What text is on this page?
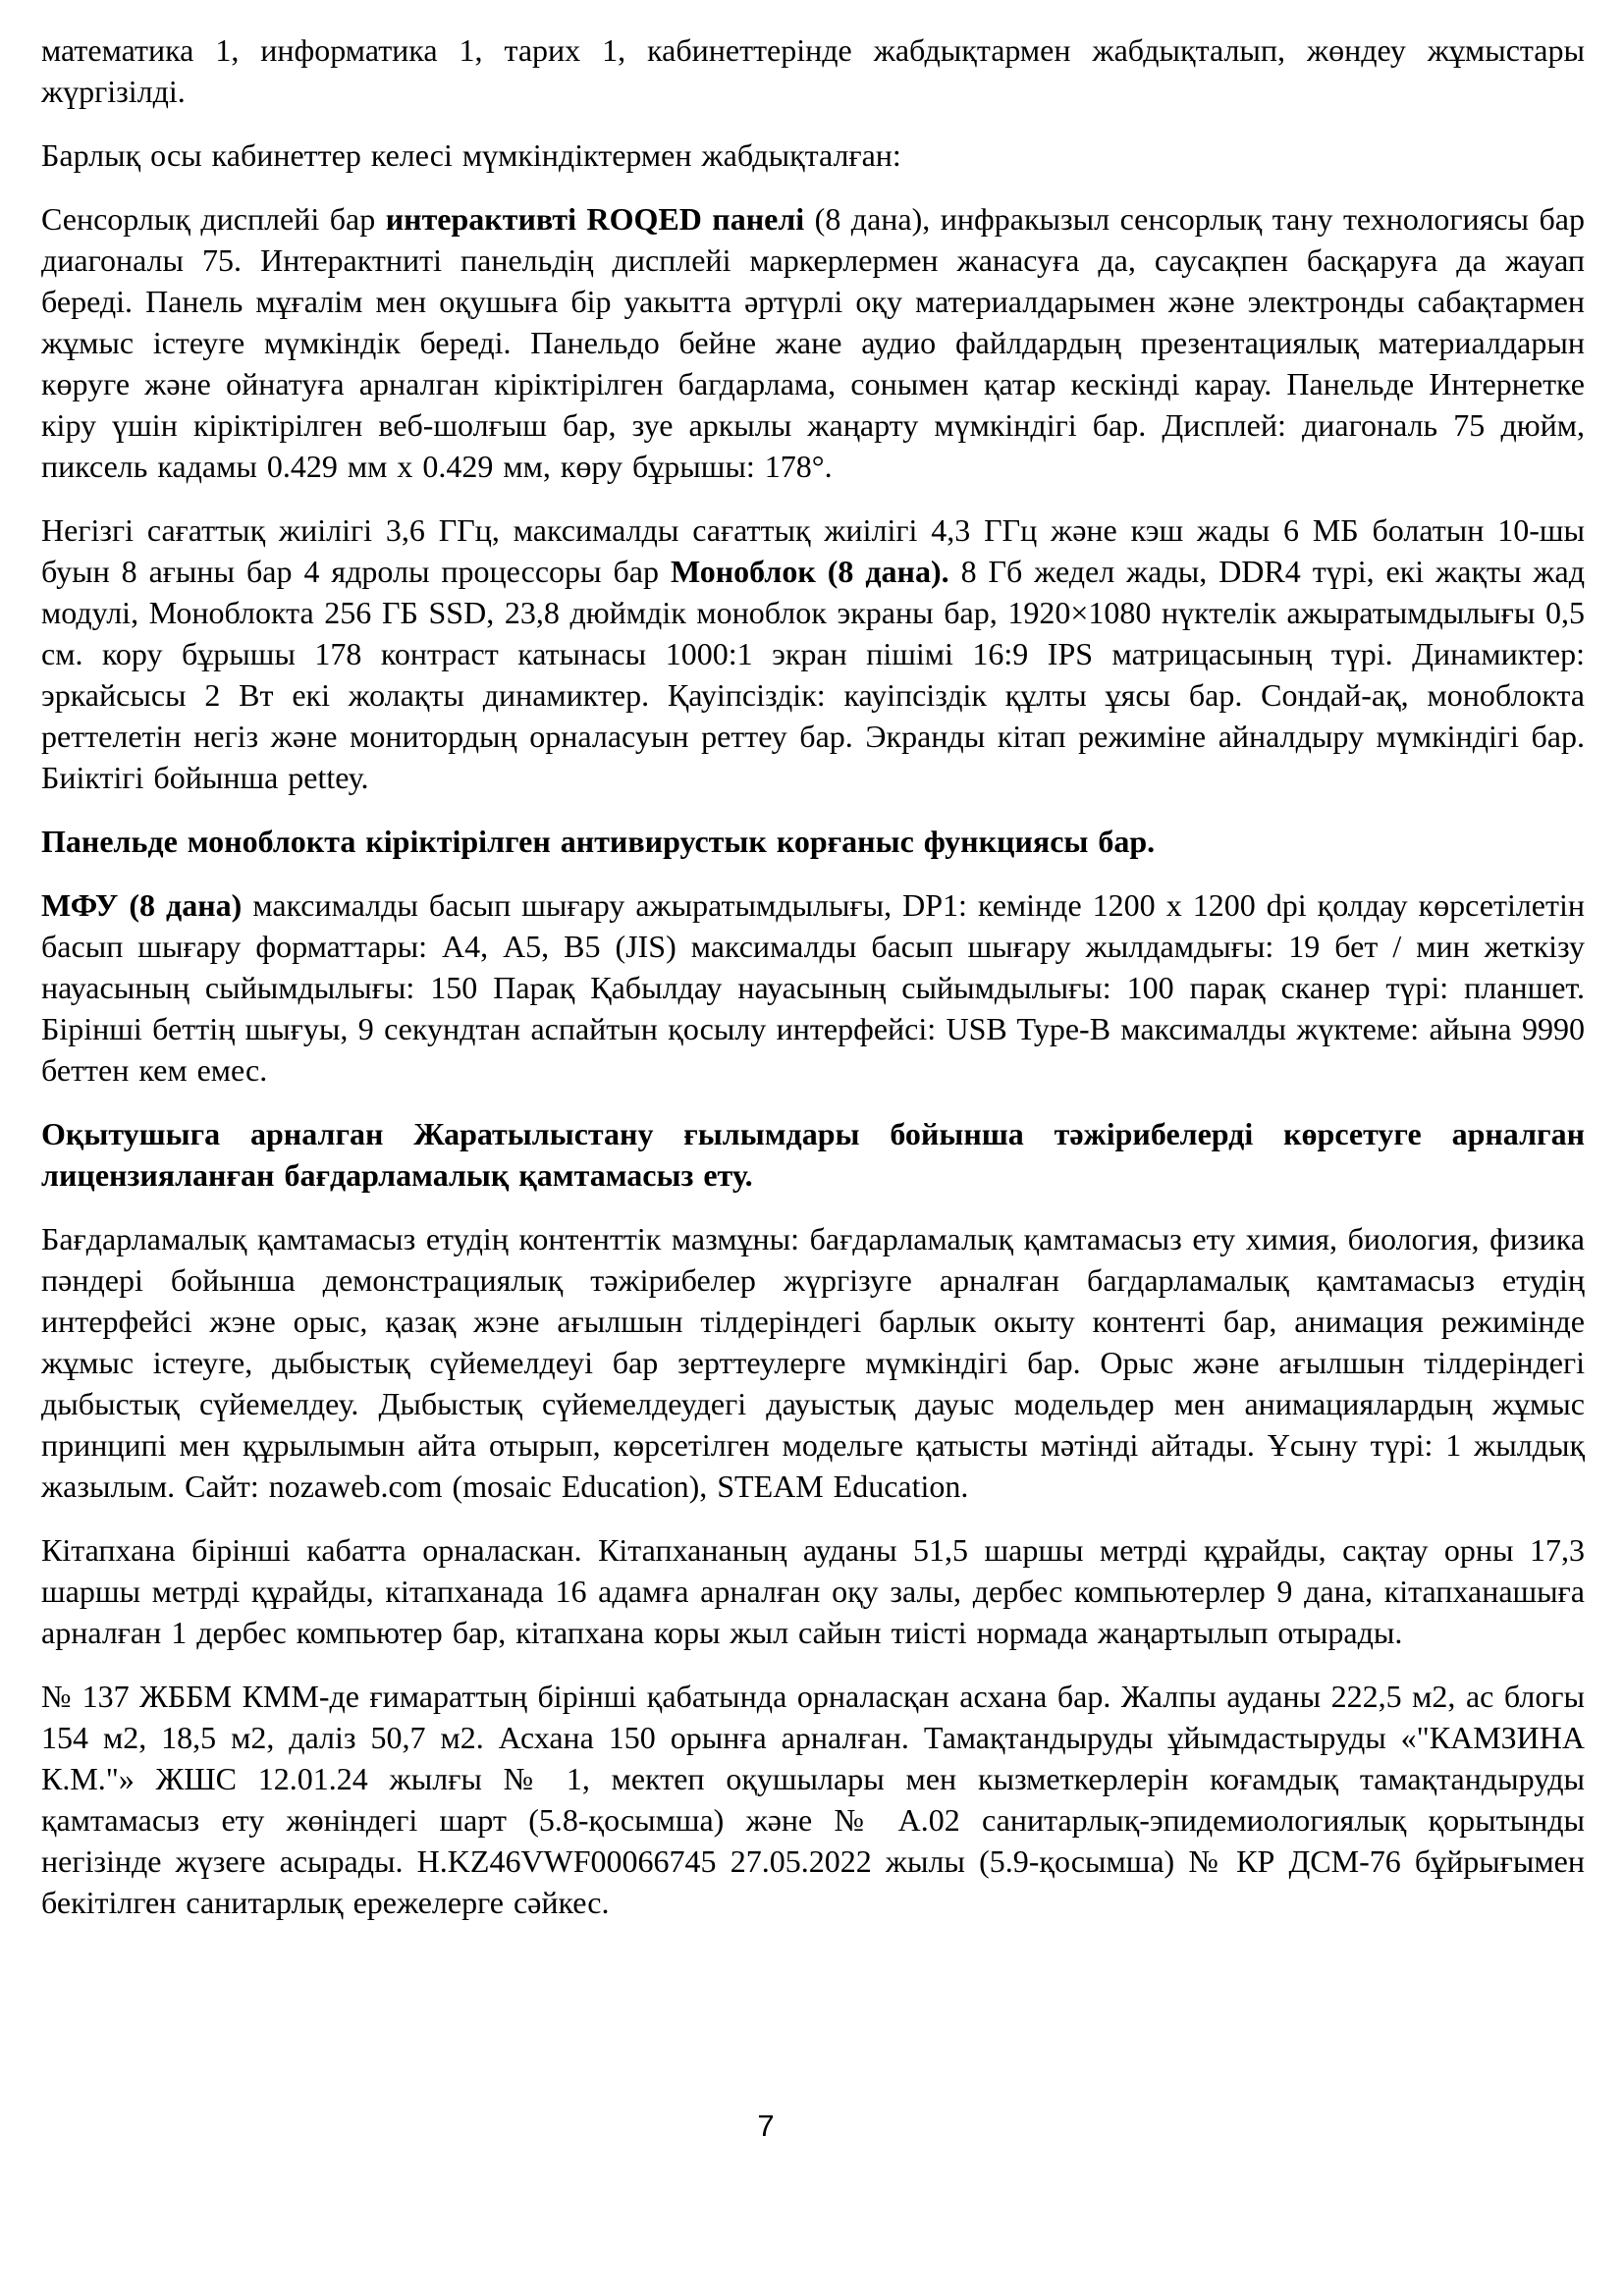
математика 1, информатика 1, тарих 1, кабинеттерінде жабдықтармен жабдықталып, жөндеу жұмыстары жүргізілді.

Барлық осы кабинеттер келесі мүмкіндіктермен жабдықталған:

Сенсорлық дисплейі бар интерактивті ROQED панелі (8 дана), инфракызыл сенсорлық тану технологиясы бар диагоналы 75. Интерактниті панельдің дисплейі маркерлермен жанасуға да, саусақпен басқаруға да жауап береді. Панель мұғалім мен оқушыға бір уакытта әртүрлі оқу материалдарымен және электронды сабақтармен жұмыс істеуге мүмкіндік береді. Панельдо бейне жане аудио файлдардың презентациялық материалдарын көруге және ойнатуға арналган кіріктірілген багдарлама, сонымен қатар кескінді карау. Панельде Интернетке кіру үшін кіріктірілген веб-шолғыш бар, зуе аркылы жаңарту мүмкіндігі бар. Дисплей: диагональ 75 дюйм, пиксель кадамы 0.429 мм х 0.429 мм, көру бұрышы: 178°.

Негізгі сағаттық жиілігі 3,6 ГГц, максималды сағаттық жиілігі 4,3 ГГц және кэш жады 6 МБ болатын 10-шы буын 8 ағыны бар 4 ядролы процессоры бар Моноблок (8 дана). 8 Гб жедел жады, DDR4 түрі, екі жақты жад модулі, Моноблокта 256 ГБ SSD, 23,8 дюймдік моноблок экраны бар, 1920×1080 нүктелік ажыратымдылығы 0,5 см. кору бұрышы 178 контраст катынасы 1000:1 экран пішімі 16:9 IPS матрицасының түрі. Динамиктер: эркайсысы 2 Вт екі жолақты динамиктер. Қауіпсіздік: кауіпсіздік құлты ұясы бар. Сондай-ақ, моноблокта реттелетін негіз және монитордың орналасуын реттеу бар. Экранды кітап режиміне айналдыру мүмкіндігі бар. Биіктігі бойынша реttеу.

Панельде моноблокта кіріктірілген антивирустык корғаныс функциясы бар.

МФУ (8 дана) максималды басып шығару ажыратымдылығы, DP1: кемінде 1200 x 1200 dpi қолдау көрсетілетін басып шығару форматтары: А4, А5, В5 (JIS) максималды басып шығару жылдамдығы: 19 бет / мин жеткізу науасының сыйымдылығы: 150 Парақ Қабылдау науасының сыйымдылығы: 100 парақ сканер түрі: планшет. Бірінші беттің шығуы, 9 секундтан аспайтын қосылу интерфейсі: USB Type-B максималды жүктеме: айына 9990 беттен кем емес.

Оқытушыга арналган Жаратылыстану ғылымдары бойынша тәжірибелерді көрсетуге арналган лицензияланған бағдарламалық қамтамасыз ету.

Бағдарламалық қамтамасыз етудің контенттік мазмұны: бағдарламалық қамтамасыз ету химия, биология, физика пәндері бойынша демонстрациялық тәжірибелер жүргізуге арналған багдарламалық қамтамасыз етудің интерфейсі жэне орыс, қазақ жэне ағылшын тілдеріндегі барлык окыту контенті бар, анимация режимінде жұмыс істеуге, дыбыстық сүйемелдеуі бар зерттеулерге мүмкіндігі бар. Орыс және ағылшын тілдеріндегі дыбыстық сүйемелдеу. Дыбыстық сүйемелдеудегі дауыстық дауыс модельдер мен анимациялардың жұмыс принципі мен құрылымын айта отырып, көрсетілген модельге қатысты мәтінді айтады. Ұсыну түрі: 1 жылдық жазылым. Сайт: nozaweb.com (mosaic Education), STEAM Education.

Кітапхана бірінші кабатта орналаскан. Кітапхананың ауданы 51,5 шаршы метрді құрайды, сақтау орны 17,3 шаршы метрді құрайды, кітапханада 16 адамға арналған оқу залы, дербес компьютерлер 9 дана, кітапханашыға арналған 1 дербес компьютер бар, кітапхана коры жыл сайын тиісті нормада жаңартылып отырады.

№ 137 ЖББМ КММ-де ғимараттың бірінші қабатында орналасқан асхана бар. Жалпы ауданы 222,5 м2, ас блогы 154 м2, 18,5 м2, даліз 50,7 м2. Асхана 150 орынға арналған. Тамақтандыруды ұйымдастыруды «"КАМЗИНА К.М."» ЖШС 12.01.24 жылғы № 1, мектеп оқушылары мен кызметкерлерін коғамдық тамақтандыруды қамтамасыз ету жөніндегі шарт (5.8-қосымша) және № А.02 санитарлық-эпидемиологиялық қорытынды негізінде жүзеге асырады. H.KZ46VWF00066745 27.05.2022 жылы (5.9-қосымша) № КР ДСМ-76 бұйрығымен бекітілген санитарлық ережелерге сәйкес.

7
